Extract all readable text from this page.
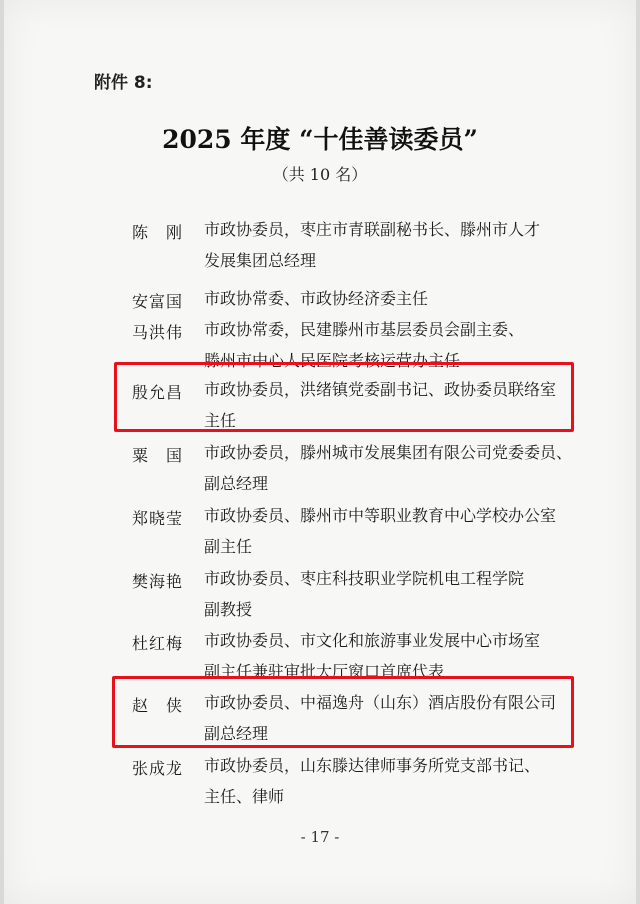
附件 8:
2025 年度 “十佳善读委员”
（共 10 名）
陈　刚	市政协委员，枣庄市青联副秘书长、滕州市人才
发展集团总经理
安富国	市政协常委、市政协经济委主任
马洪伟	市政协常委，民建滕州市基层委员会副主委、
滕州市中心人民医院考核运营办主任
殷允昌	市政协委员，洪绪镇党委副书记、政协委员联络室
主任
粟　国	市政协委员，滕州城市发展集团有限公司党委委员、
副总经理
郑晓莹	市政协委员、滕州市中等职业教育中心学校办公室
副主任
樊海艳	市政协委员、枣庄科技职业学院机电工程学院
副教授
杜红梅	市政协委员、市文化和旅游事业发展中心市场室
副主任兼驻审批大厅窗口首席代表
赵　侠	市政协委员、中福逸舟（山东）酒店股份有限公司
副总经理
张成龙	市政协委员，山东滕达律师事务所党支部书记、
主任、律师
- 17 -
